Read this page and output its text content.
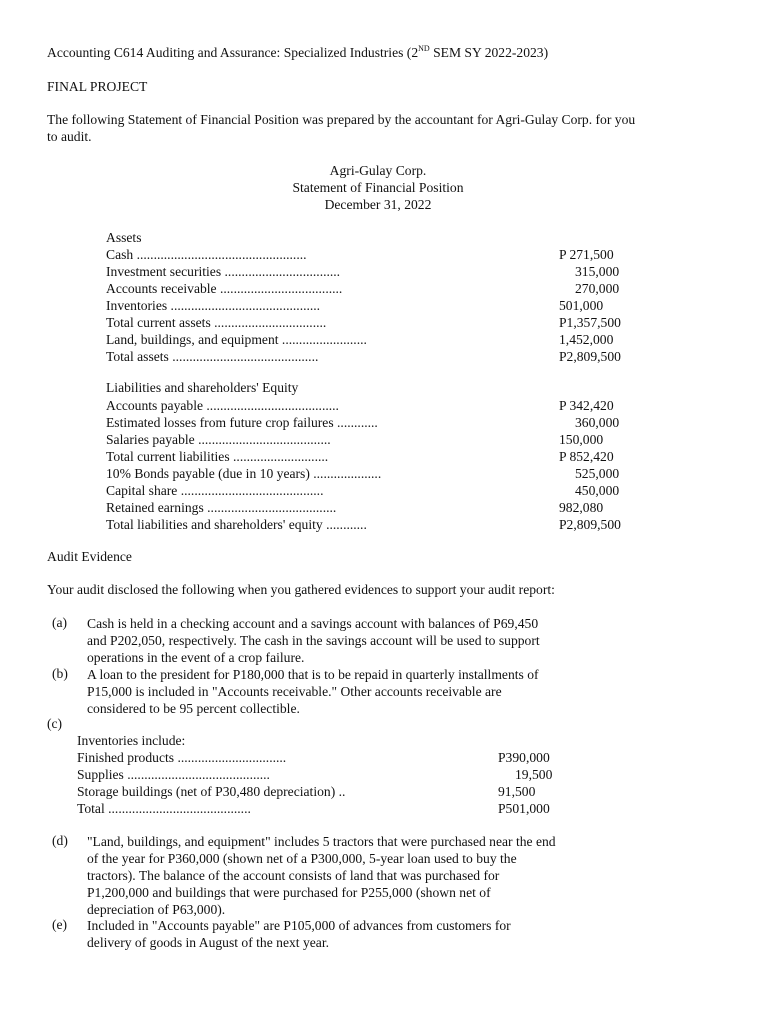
Accounting C614 Auditing and Assurance: Specialized Industries (2ND SEM SY 2022-2023)
FINAL PROJECT
The following Statement of Financial Position was prepared by the accountant for Agri-Gulay Corp. for you
to audit.
Agri-Gulay Corp.
Statement of Financial Position
December 31, 2022
Assets
Cash ..................................................	P 271,500
Investment securities ..................................	315,000
Accounts receivable ....................................	270,000
Inventories ............................................	501,000
Total current assets .................................	P1,357,500
Land, buildings, and equipment .........................	1,452,000
Total assets ...........................................	P2,809,500
Liabilities and shareholders' Equity
Accounts payable .......................................	P 342,420
Estimated losses from future crop failures ............	360,000
Salaries payable .......................................	150,000
Total current liabilities ............................	P 852,420
10% Bonds payable (due in 10 years) ....................	525,000
Capital share ..........................................	450,000
Retained earnings ......................................	982,080
Total liabilities and shareholders' equity ............	P2,809,500
Audit Evidence
Your audit disclosed the following when you gathered evidences to support your audit report:
(a) Cash is held in a checking account and a savings account with balances of P69,450 and P202,050, respectively. The cash in the savings account will be used to support operations in the event of a crop failure.
(b) A loan to the president for P180,000 that is to be repaid in quarterly installments of P15,000 is included in "Accounts receivable." Other accounts receivable are considered to be 95 percent collectible.
(c)
Inventories include:
Finished products ................................	P390,000
Supplies ..........................................	19,500
Storage buildings (net of P30,480 depreciation) ..	91,500
Total ..........................................	P501,000
(d) "Land, buildings, and equipment" includes 5 tractors that were purchased near the end of the year for P360,000 (shown net of a P300,000, 5-year loan used to buy the tractors). The balance of the account consists of land that was purchased for P1,200,000 and buildings that were purchased for P255,000 (shown net of depreciation of P63,000).
(e) Included in "Accounts payable" are P105,000 of advances from customers for delivery of goods in August of the next year.
